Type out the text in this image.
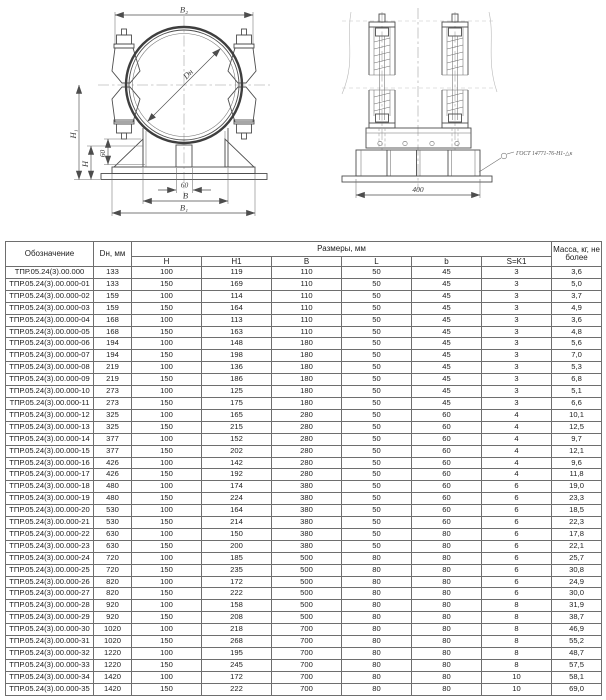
B₂
Dн
H₁
H
60
60
B
B₁
400
ГОСТ 14771-76-Н1-△к
Обозначение	Dн, мм	Размеры, мм						Масса, кг, не более
		H	H1	B	L	b	S=K1	
ТПР.05.24(3).00.000	133	100	119	110	50	45	3	3,6
ТПР.05.24(3).00.000-01	133	150	169	110	50	45	3	5,0
ТПР.05.24(3).00.000-02	159	100	114	110	50	45	3	3,7
ТПР.05.24(3).00.000-03	159	150	164	110	50	45	3	4,9
ТПР.05.24(3).00.000-04	168	100	113	110	50	45	3	3,6
ТПР.05.24(3).00.000-05	168	150	163	110	50	45	3	4,8
ТПР.05.24(3).00.000-06	194	100	148	180	50	45	3	5,6
ТПР.05.24(3).00.000-07	194	150	198	180	50	45	3	7,0
ТПР.05.24(3).00.000-08	219	100	136	180	50	45	3	5,3
ТПР.05.24(3).00.000-09	219	150	186	180	50	45	3	6,8
ТПР.05.24(3).00.000-10	273	100	125	180	50	45	3	5,1
ТПР.05.24(3).00.000-11	273	150	175	180	50	45	3	6,6
ТПР.05.24(3).00.000-12	325	100	165	280	50	60	4	10,1
ТПР.05.24(3).00.000-13	325	150	215	280	50	60	4	12,5
ТПР.05.24(3).00.000-14	377	100	152	280	50	60	4	9,7
ТПР.05.24(3).00.000-15	377	150	202	280	50	60	4	12,1
ТПР.05.24(3).00.000-16	426	100	142	280	50	60	4	9,6
ТПР.05.24(3).00.000-17	426	150	192	280	50	60	4	11,8
ТПР.05.24(3).00.000-18	480	100	174	380	50	60	6	19,0
ТПР.05.24(3).00.000-19	480	150	224	380	50	60	6	23,3
ТПР.05.24(3).00.000-20	530	100	164	380	50	60	6	18,5
ТПР.05.24(3).00.000-21	530	150	214	380	50	60	6	22,3
ТПР.05.24(3).00.000-22	630	100	150	380	50	80	6	17,8
ТПР.05.24(3).00.000-23	630	150	200	380	50	80	6	22,1
ТПР.05.24(3).00.000-24	720	100	185	500	80	80	6	25,7
ТПР.05.24(3).00.000-25	720	150	235	500	80	80	6	30,8
ТПР.05.24(3).00.000-26	820	100	172	500	80	80	6	24,9
ТПР.05.24(3).00.000-27	820	150	222	500	80	80	6	30,0
ТПР.05.24(3).00.000-28	920	100	158	500	80	80	8	31,9
ТПР.05.24(3).00.000-29	920	150	208	500	80	80	8	38,7
ТПР.05.24(3).00.000-30	1020	100	218	700	80	80	8	46,9
ТПР.05.24(3).00.000-31	1020	150	268	700	80	80	8	55,2
ТПР.05.24(3).00.000-32	1220	100	195	700	80	80	8	48,7
ТПР.05.24(3).00.000-33	1220	150	245	700	80	80	8	57,5
ТПР.05.24(3).00.000-34	1420	100	172	700	80	80	10	58,1
ТПР.05.24(3).00.000-35	1420	150	222	700	80	80	10	69,0
